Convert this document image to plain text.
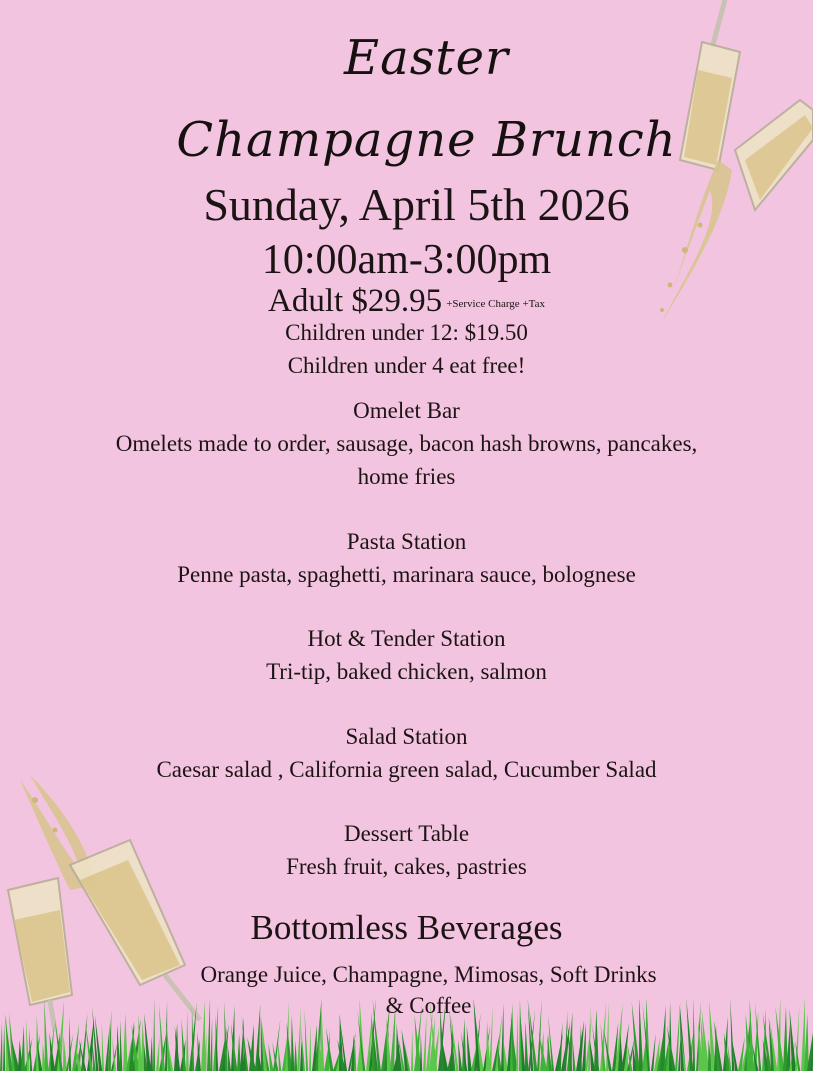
Easter
Champagne Brunch
Sunday, April 5th 2026
10:00am-3:00pm
Adult $29.95 +Service Charge +Tax
Children under 12: $19.50
Children under 4 eat free!
Omelet Bar
Omelets made to order, sausage, bacon hash browns, pancakes,
home fries
Pasta Station
Penne pasta, spaghetti, marinara sauce, bolognese
Hot & Tender Station
Tri-tip, baked chicken, salmon
Salad Station
Caesar salad , California green salad, Cucumber Salad
Dessert Table
Fresh fruit, cakes, pastries
Bottomless Beverages
Orange Juice, Champagne, Mimosas, Soft Drinks
& Coffee
